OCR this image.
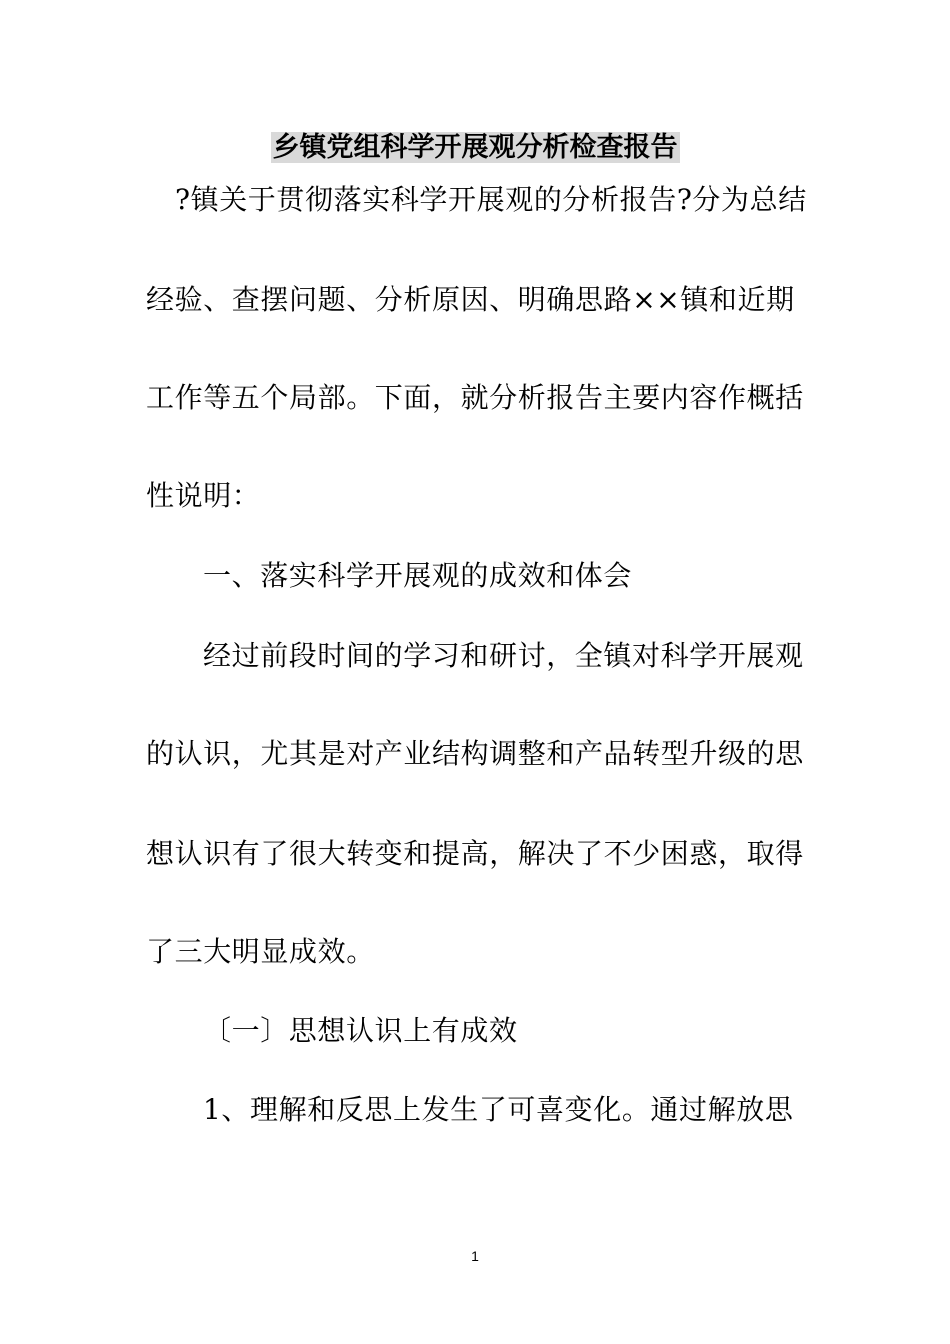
乡镇党组科学开展观分析检查报告
?镇关于贯彻落实科学开展观的分析报告?分为总结
经验、查摆问题、分析原因、明确思路××镇和近期
工作等五个局部。下面，就分析报告主要内容作概括
性说明：
一、落实科学开展观的成效和体会
经过前段时间的学习和研讨，全镇对科学开展观
的认识，尤其是对产业结构调整和产品转型升级的思
想认识有了很大转变和提高，解决了不少困惑，取得
了三大明显成效。
〔一〕思想认识上有成效
1、理解和反思上发生了可喜变化。通过解放思
1
